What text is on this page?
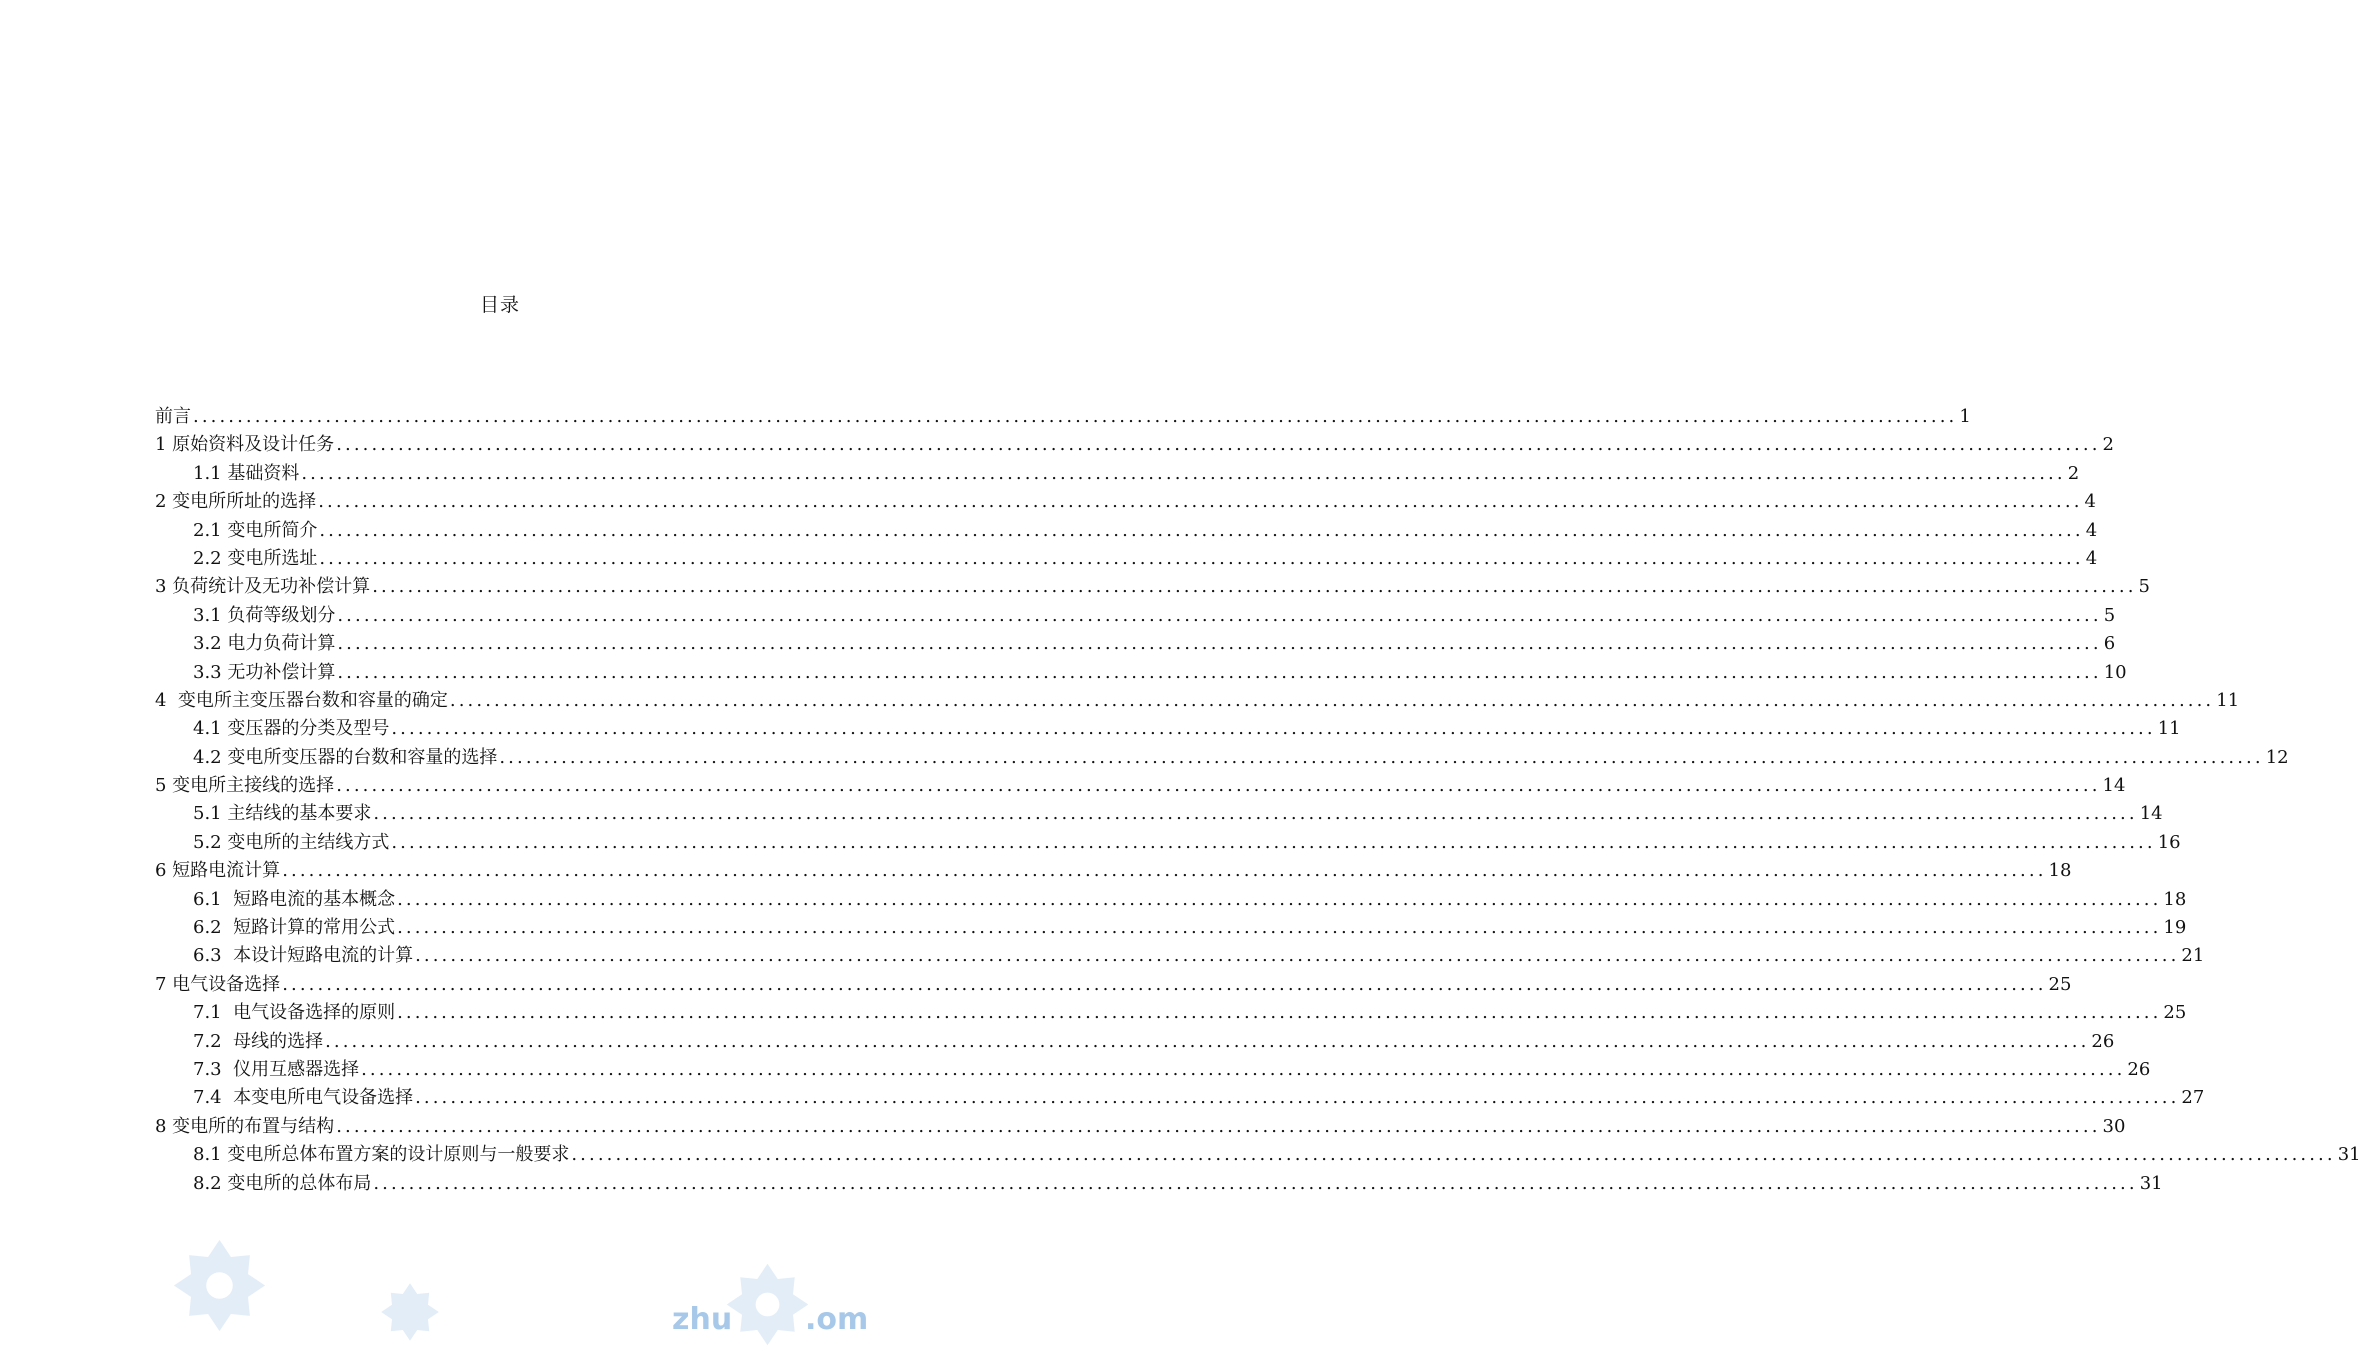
目录
前言 ........................................................................................................................................................................................................ 1
1 原始资料及设计任务 ........................................................................................................................................................................................................ 2
1.1 基础资料 ........................................................................................................................................................................................................ 2
2 变电所所址的选择 ........................................................................................................................................................................................................ 4
2.1 变电所简介 ........................................................................................................................................................................................................ 4
2.2 变电所选址 ........................................................................................................................................................................................................ 4
3 负荷统计及无功补偿计算 ........................................................................................................................................................................................................ 5
3.1 负荷等级划分 ........................................................................................................................................................................................................ 5
3.2 电力负荷计算 ........................................................................................................................................................................................................ 6
3.3 无功补偿计算 ........................................................................................................................................................................................................ 10
4  变电所主变压器台数和容量的确定 ........................................................................................................................................................................................................ 11
4.1 变压器的分类及型号 ........................................................................................................................................................................................................ 11
4.2 变电所变压器的台数和容量的选择 ........................................................................................................................................................................................................ 12
5 变电所主接线的选择 ........................................................................................................................................................................................................ 14
5.1 主结线的基本要求 ........................................................................................................................................................................................................ 14
5.2 变电所的主结线方式 ........................................................................................................................................................................................................ 16
6 短路电流计算 ........................................................................................................................................................................................................ 18
6.1  短路电流的基本概念 ........................................................................................................................................................................................................ 18
6.2  短路计算的常用公式 ........................................................................................................................................................................................................ 19
6.3  本设计短路电流的计算 ........................................................................................................................................................................................................ 21
7 电气设备选择 ........................................................................................................................................................................................................ 25
7.1  电气设备选择的原则 ........................................................................................................................................................................................................ 25
7.2  母线的选择 ........................................................................................................................................................................................................ 26
7.3  仪用互感器选择 ........................................................................................................................................................................................................ 26
7.4  本变电所电气设备选择 ........................................................................................................................................................................................................ 27
8 变电所的布置与结构 ........................................................................................................................................................................................................ 30
8.1 变电所总体布置方案的设计原则与一般要求 ........................................................................................................................................................................................................ 31
8.2 变电所的总体布局 ........................................................................................................................................................................................................ 31
zhu .om
